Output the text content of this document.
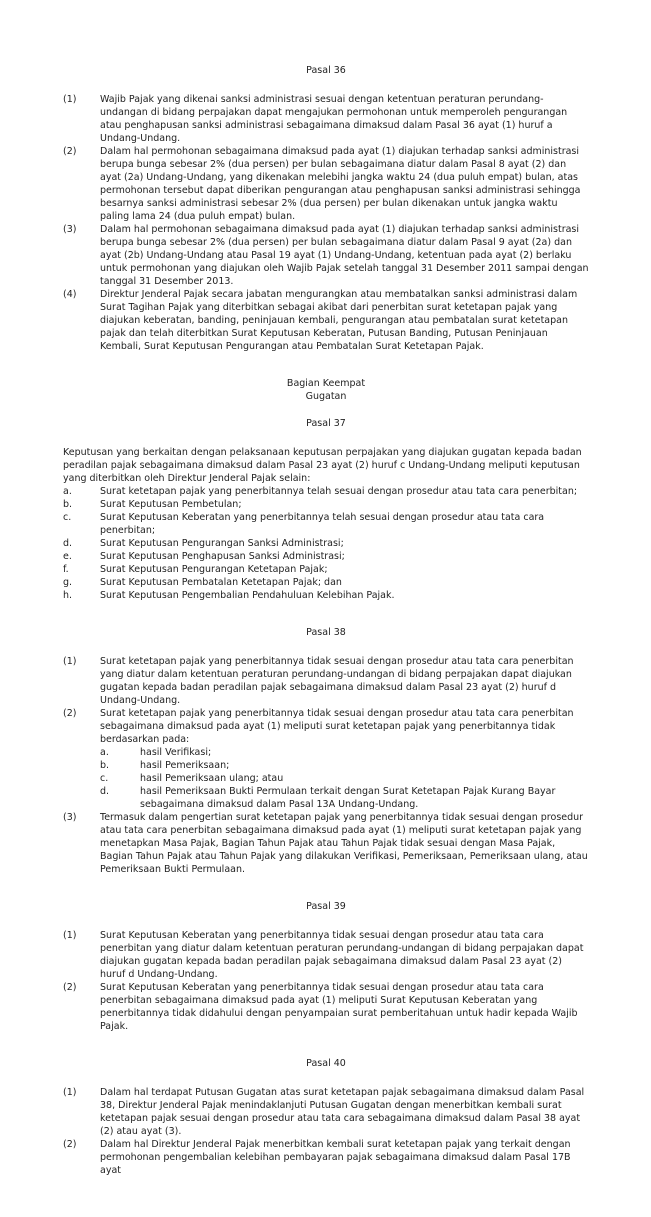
Pasal 36
(1)	Wajib Pajak yang dikenai sanksi administrasi sesuai dengan ketentuan peraturan perundang-undangan di bidang perpajakan dapat mengajukan permohonan untuk memperoleh pengurangan atau penghapusan sanksi administrasi sebagaimana dimaksud dalam Pasal 36 ayat (1) huruf a Undang-Undang.
(2)	Dalam hal permohonan sebagaimana dimaksud pada ayat (1) diajukan terhadap sanksi administrasi berupa bunga sebesar 2% (dua persen) per bulan sebagaimana diatur dalam Pasal 8 ayat (2) dan ayat (2a) Undang-Undang, yang dikenakan melebihi jangka waktu 24 (dua puluh empat) bulan, atas permohonan tersebut dapat diberikan pengurangan atau penghapusan sanksi administrasi sehingga besarnya sanksi administrasi sebesar 2% (dua persen) per bulan dikenakan untuk jangka waktu paling lama 24 (dua puluh empat) bulan.
(3)	Dalam hal permohonan sebagaimana dimaksud pada ayat (1) diajukan terhadap sanksi administrasi berupa bunga sebesar 2% (dua persen) per bulan sebagaimana diatur dalam Pasal 9 ayat (2a) dan ayat (2b) Undang-Undang atau Pasal 19 ayat (1) Undang-Undang, ketentuan pada ayat (2) berlaku untuk permohonan yang diajukan oleh Wajib Pajak setelah tanggal 31 Desember 2011 sampai dengan tanggal 31 Desember 2013.
(4)	Direktur Jenderal Pajak secara jabatan mengurangkan atau membatalkan sanksi administrasi dalam Surat Tagihan Pajak yang diterbitkan sebagai akibat dari penerbitan surat ketetapan pajak yang diajukan keberatan, banding, peninjauan kembali, pengurangan atau pembatalan surat ketetapan pajak dan telah diterbitkan Surat Keputusan Keberatan, Putusan Banding, Putusan Peninjauan Kembali, Surat Keputusan Pengurangan atau Pembatalan Surat Ketetapan Pajak.
Bagian Keempat
Gugatan
Pasal 37

Keputusan yang berkaitan dengan pelaksanaan keputusan perpajakan yang diajukan gugatan kepada badan peradilan pajak sebagaimana dimaksud dalam Pasal 23 ayat (2) huruf c Undang-Undang meliputi keputusan yang diterbitkan oleh Direktur Jenderal Pajak selain:

a.	Surat ketetapan pajak yang penerbitannya telah sesuai dengan prosedur atau tata cara penerbitan;
b.	Surat Keputusan Pembetulan;
c.	Surat Keputusan Keberatan yang penerbitannya telah sesuai dengan prosedur atau tata cara penerbitan;
d.	Surat Keputusan Pengurangan Sanksi Administrasi;
e.	Surat Keputusan Penghapusan Sanksi Administrasi;
f.	Surat Keputusan Pengurangan Ketetapan Pajak;
g.	Surat Keputusan Pembatalan Ketetapan Pajak; dan
h.	Surat Keputusan Pengembalian Pendahuluan Kelebihan Pajak.
Pasal 38
(1)	Surat ketetapan pajak yang penerbitannya tidak sesuai dengan prosedur atau tata cara penerbitan yang diatur dalam ketentuan peraturan perundang-undangan di bidang perpajakan dapat diajukan gugatan kepada badan peradilan pajak sebagaimana dimaksud dalam Pasal 23 ayat (2) huruf d Undang-Undang.
(2)	Surat ketetapan pajak yang penerbitannya tidak sesuai dengan prosedur atau tata cara penerbitan sebagaimana dimaksud pada ayat (1) meliputi surat ketetapan pajak yang penerbitannya tidak berdasarkan pada:
a.	hasil Verifikasi;
b.	hasil Pemeriksaan;
c.	hasil Pemeriksaan ulang; atau
d.	hasil Pemeriksaan Bukti Permulaan terkait dengan Surat Ketetapan Pajak Kurang Bayar sebagaimana dimaksud dalam Pasal 13A Undang-Undang.
(3)	Termasuk dalam pengertian surat ketetapan pajak yang penerbitannya tidak sesuai dengan prosedur atau tata cara penerbitan sebagaimana dimaksud pada ayat (1) meliputi surat ketetapan pajak yang menetapkan Masa Pajak, Bagian Tahun Pajak atau Tahun Pajak tidak sesuai dengan Masa Pajak, Bagian Tahun Pajak atau Tahun Pajak yang dilakukan Verifikasi, Pemeriksaan, Pemeriksaan ulang, atau Pemeriksaan Bukti Permulaan.
Pasal 39
(1)	Surat Keputusan Keberatan yang penerbitannya tidak sesuai dengan prosedur atau tata cara penerbitan yang diatur dalam ketentuan peraturan perundang-undangan di bidang perpajakan dapat diajukan gugatan kepada badan peradilan pajak sebagaimana dimaksud dalam Pasal 23 ayat (2) huruf d Undang-Undang.
(2)	Surat Keputusan Keberatan yang penerbitannya tidak sesuai dengan prosedur atau tata cara penerbitan sebagaimana dimaksud pada ayat (1) meliputi Surat Keputusan Keberatan yang penerbitannya tidak didahului dengan penyampaian surat pemberitahuan untuk hadir kepada Wajib Pajak.
Pasal 40
(1)	Dalam hal terdapat Putusan Gugatan atas surat ketetapan pajak sebagaimana dimaksud dalam Pasal 38, Direktur Jenderal Pajak menindaklanjuti Putusan Gugatan dengan menerbitkan kembali surat ketetapan pajak sesuai dengan prosedur atau tata cara sebagaimana dimaksud dalam Pasal 38 ayat (2) atau ayat (3).
(2)	Dalam hal Direktur Jenderal Pajak menerbitkan kembali surat ketetapan pajak yang terkait dengan permohonan pengembalian kelebihan pembayaran pajak sebagaimana dimaksud dalam Pasal 17B ayat
